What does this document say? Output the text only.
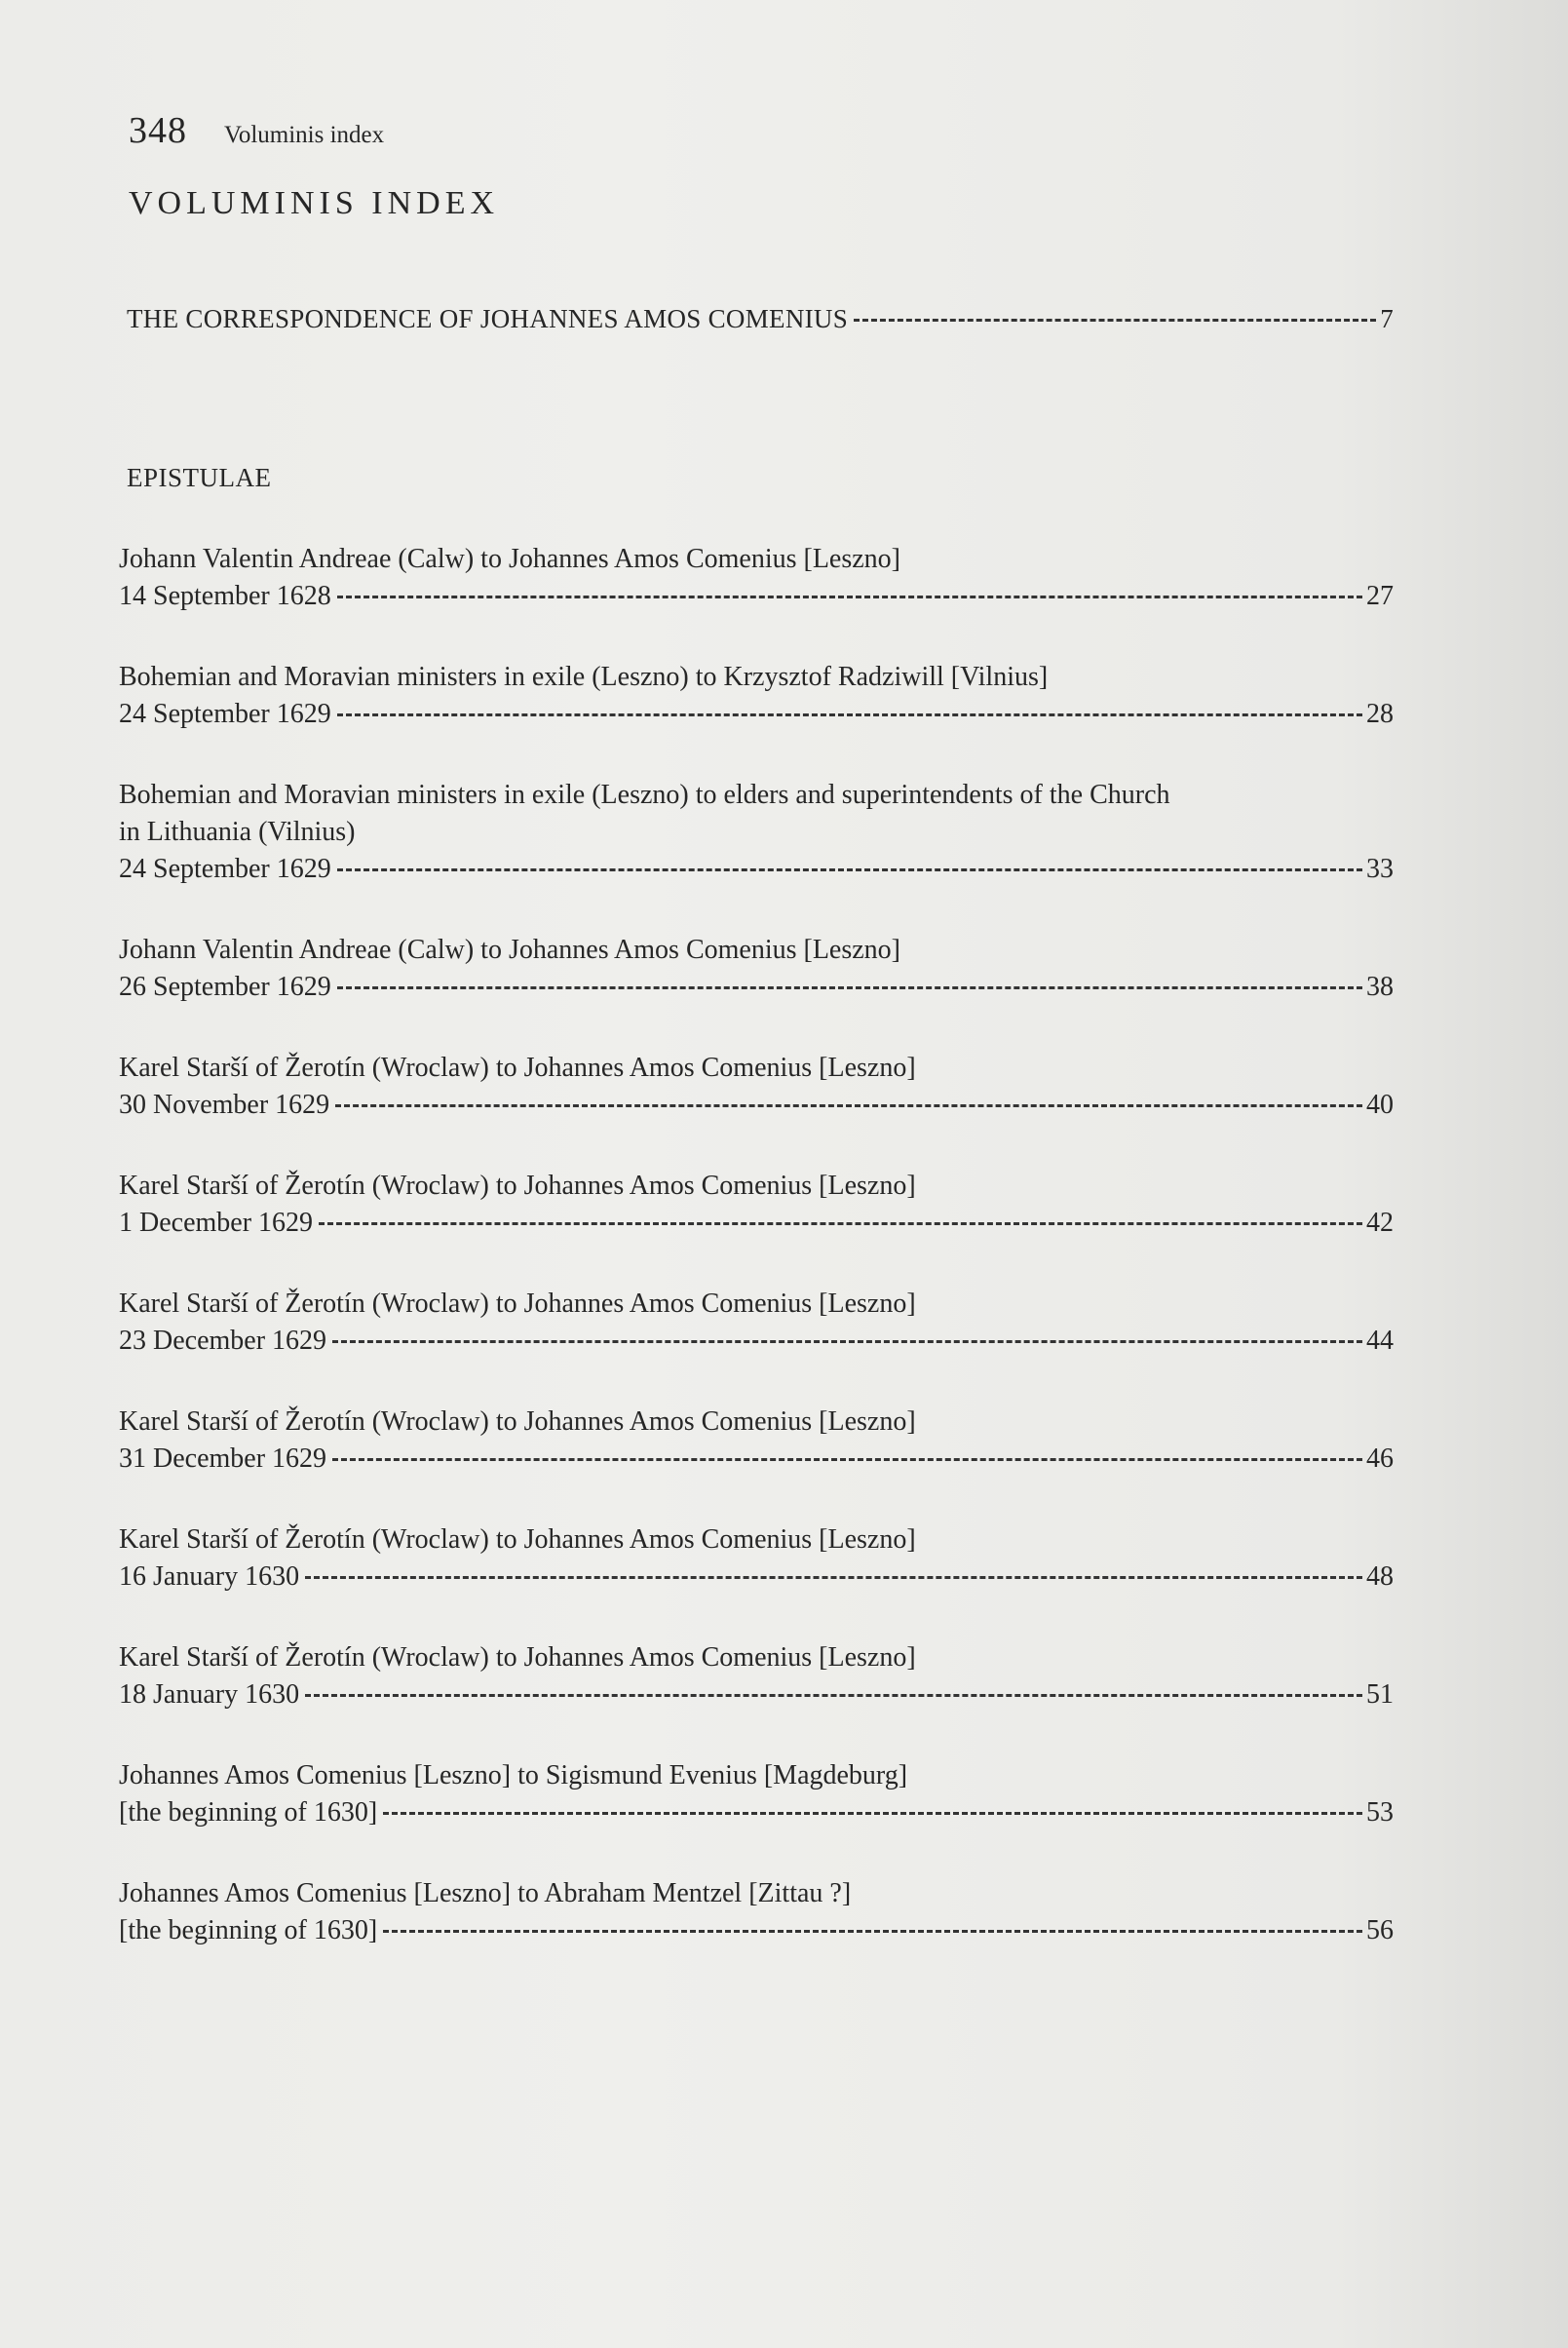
348 Voluminis index
VOLUMINIS INDEX
THE CORRESPONDENCE OF JOHANNES AMOS COMENIUS	7
EPISTULAE
Johann Valentin Andreae (Calw) to Johannes Amos Comenius [Leszno]
14 September 1628	27
Bohemian and Moravian ministers in exile (Leszno) to Krzysztof Radziwill [Vilnius]
24 September 1629	28
Bohemian and Moravian ministers in exile (Leszno) to elders and superintendents of the Church
in Lithuania (Vilnius)
24 September 1629	33
Johann Valentin Andreae (Calw) to Johannes Amos Comenius [Leszno]
26 September 1629	38
Karel Starší of Žerotín (Wroclaw) to Johannes Amos Comenius [Leszno]
30 November 1629	40
Karel Starší of Žerotín (Wroclaw) to Johannes Amos Comenius [Leszno]
1 December 1629	42
Karel Starší of Žerotín (Wroclaw) to Johannes Amos Comenius [Leszno]
23 December 1629	44
Karel Starší of Žerotín (Wroclaw) to Johannes Amos Comenius [Leszno]
31 December 1629	46
Karel Starší of Žerotín (Wroclaw) to Johannes Amos Comenius [Leszno]
16 January 1630	48
Karel Starší of Žerotín (Wroclaw) to Johannes Amos Comenius [Leszno]
18 January 1630	51
Johannes Amos Comenius [Leszno] to Sigismund Evenius [Magdeburg]
[the beginning of 1630]	53
Johannes Amos Comenius [Leszno] to Abraham Mentzel [Zittau ?]
[the beginning of 1630]	56
